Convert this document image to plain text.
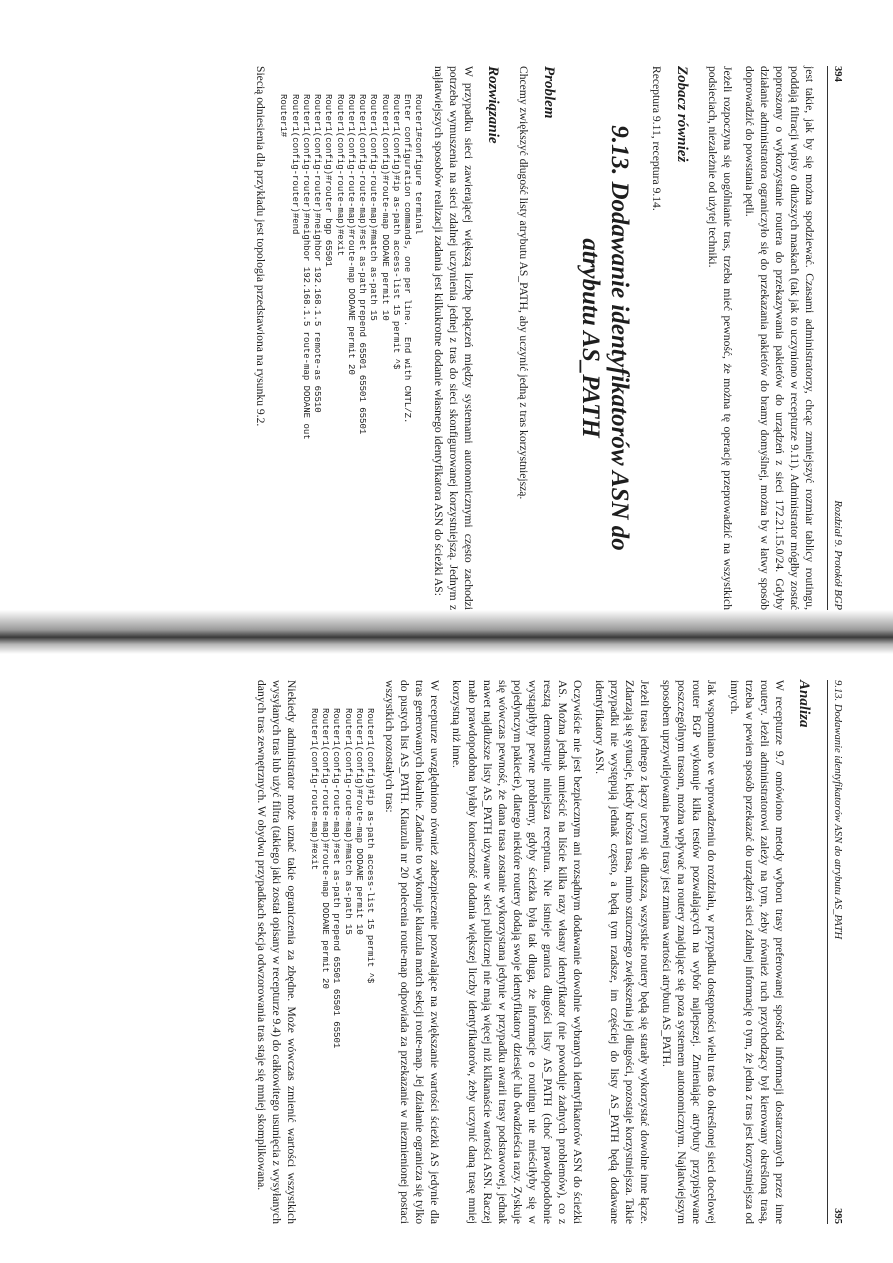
394
Rozdział 9. Protokół BGP

jest takie, jak by się można spodziewać. Czasami administratorzy, chcąc zmniejszyć rozmiar tablicy routingu, poddają filtracji wpisy o dłuższych maskach (tak jak to uczyniono w recepturze 9.11). Administrator mógłby zostać poproszony o wykorzystanie routera do przekazywania pakietów do urządzeń z sieci 172.21.15.0/24. Gdyby działanie administratora ograniczyło się do przekazania pakietów do bramy domyślnej, można by w łatwy sposób doprowadzić do powstania pętli.

Jeżeli rozpoczyna się uogólnianie tras, trzeba mieć pewność, że można tę operację przeprowadzić na wszystkich podsieciach, niezależnie od użytej techniki.

Zobacz również

Receptura 9.11, receptura 9.14.

9.13. Dodawanie identyfikatorów ASN do atrybutu AS_PATH
Problem

Chcemy zwiększyć długość listy atrybutu AS_PATH, aby uczynić jedną z tras korzystniejszą.

Rozwiązanie

W przypadku sieci zawierającej większą liczbę połączeń między systemami autonomicznymi często zachodzi potrzeba wymuszenia na sieci zdalnej uczynienia jednej z tras do sieci skonfigurowanej korzystniejszą. Jednym z najłatwiejszych sposobów realizacji zadania jest kilkukrotne dodanie własnego identyfikatora ASN do ścieżki AS:

Router1#configure terminal
Enter configuration commands, one per line.  End with CNTL/Z.
Router1(config)#ip as-path access-list 15 permit ^$
Router1(config)#route-map DODANE permit 10
Router1(config-route-map)#match as-path 15
Router1(config-route-map)#set as-path prepend 65501 65501 65501
Router1(config-route-map)#route-map DODANE permit 20
Router1(config-route-map)#exit
Router1(config)#router bgp 65501
Router1(config-router)#neighbor 192.168.1.5 remote-as 65510
Router1(config-router)#neighbor 192.168.1.5 route-map DODANE out
Router1(config-router)#end
Router1#

Siecią odniesienia dla przykładu jest topologia przedstawiona na rysunku 9.2.

9.13. Dodawanie identyfikatorów ASN do atrybutu AS_PATH
395
Analiza

W recepturze 9.7 omówiono metody wyboru trasy preferowanej spośród informacji dostarczanych przez inne routery. Jeżeli administratorowi zależy na tym, żeby również ruch przychodzący był kierowany określoną trasą, trzeba w pewien sposób przekazać do urządzeń sieci zdalnej informację o tym, że jedna z tras jest korzystniejsza od innych.

Jak wspomniano we wprowadzeniu do rozdziału, w przypadku dostępności wielu tras do określonej sieci docelowej router BGP wykonuje kilka testów pozwalających na wybór najlepszej. Zmieniając atrybuty przypisywane poszczególnym trasom, można wpływać na routery znajdujące się poza systemem autonomicznym. Najłatwiejszym sposobem uprzywilejowania pewnej trasy jest zmiana wartości atrybutu AS_PATH.

Jeżeli trasa jednego z łączy uczyni się dłuższa, wszystkie routery będą się starały wykorzystać dowolne inne łącze. Zdarzają się sytuacje, kiedy krótsza trasa, mimo sztucznego zwiększenia jej długości, pozostaje korzystniejsza. Takie przypadki nie występują jednak często, a będą tym rzadsze, im częściej do listy AS_PATH będą dodawane identyfikatory ASN.

Oczywiście nie jest bezpiecznym ani rozsądnym dodawanie dowolnie wybranych identyfikatorów ASN do ścieżki AS. Można jednak umieścić na liście kilka razy własny identyfikator (nie powoduje żadnych problemów), co z resztą demonstruje niniejsza receptura. Nie istnieje granica długości listy AS_PATH (choć prawdopodobnie wystąpiłyby pewne problemy, gdyby ścieżka była tak długa, że informacje o routingu nie mieściłyby się w pojedynczym pakiecie), dlatego niektóre routery dodają swoje identyfikatory dziesięć lub dwadzieścia razy. Zyskuje się wówczas pewność, że dana trasa zostanie wykorzystana jedynie w przypadku awarii trasy podstawowej, jednak nawet najdłuższe listy AS_PATH używane w sieci publicznej nie mają więcej niż kilkanaście wartości ASN. Raczej mało prawdopodobna byłaby konieczność dodania większej liczby identyfikatorów, żeby uczynić daną trasę mniej korzystną niż inne.

W recepturze uwzględniono również zabezpieczenie pozwalające na zwiększanie wartości ścieżki AS jedynie dla tras generowanych lokalnie. Zadanie to wykonuje klauzula match sekcji route-map. Jej działanie ogranicza się tylko do pustych list AS_PATH. Klauzula nr 20 polecenia route-map odpowiada za przekazanie w niezmienionej postaci wszystkich pozostałych tras:

Router1(config)#ip as-path access-list 15 permit ^$
Router1(config)#route-map DODANE permit 10
Router1(config-route-map)#match as-path 15
Router1(config-route-map)#set as-path prepend 65501 65501 65501
Router1(config-route-map)#route-map DODANE permit 20
Router1(config-route-map)#exit

Niekiedy administrator może uznać takie ograniczenia za zbędne. Może wówczas zmienić wartości wszystkich wysyłanych tras lub użyć filtra (takiego jaki został opisany w recepturze 9.4) do całkowitego usunięcia z wysyłanych danych tras zewnętrznych. W obydwu przypadkach sekcja odwzorowania tras staje się mniej skomplikowana.
